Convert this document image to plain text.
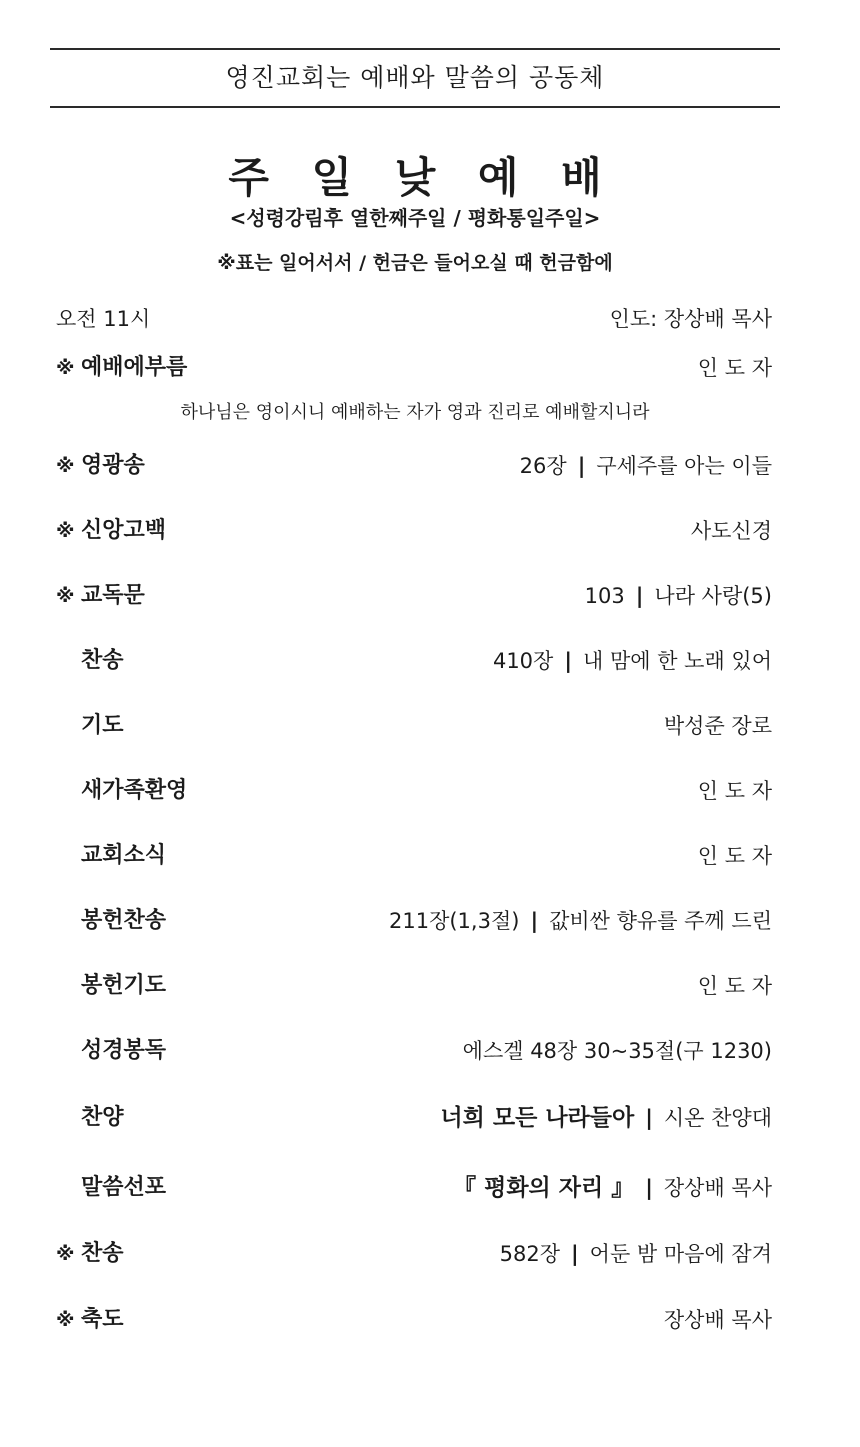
영진교회는 예배와 말씀의 공동체
주 일 낮 예 배
<성령강림후 열한째주일 / 평화통일주일>
※표는 일어서서 / 헌금은 들어오실 때 헌금함에
오전 11시	인도: 장상배 목사
※ 예배에부름	인 도 자
하나님은 영이시니 예배하는 자가 영과 진리로 예배할지니라
※ 영광송	26장 | 구세주를 아는 이들
※ 신앙고백	사도신경
※ 교독문	103 | 나라 사랑(5)
찬송	410장 | 내 맘에 한 노래 있어
기도	박성준 장로
새가족환영	인 도 자
교회소식	인 도 자
봉헌찬송	211장(1,3절) | 값비싼 향유를 주께 드린
봉헌기도	인 도 자
성경봉독	에스겔 48장 30~35절(구 1230)
찬양	너희 모든 나라들아 | 시온 찬양대
말씀선포	『 평화의 자리 』 | 장상배 목사
※ 찬송	582장 | 어둔 밤 마음에 잠겨
※ 축도	장상배 목사
